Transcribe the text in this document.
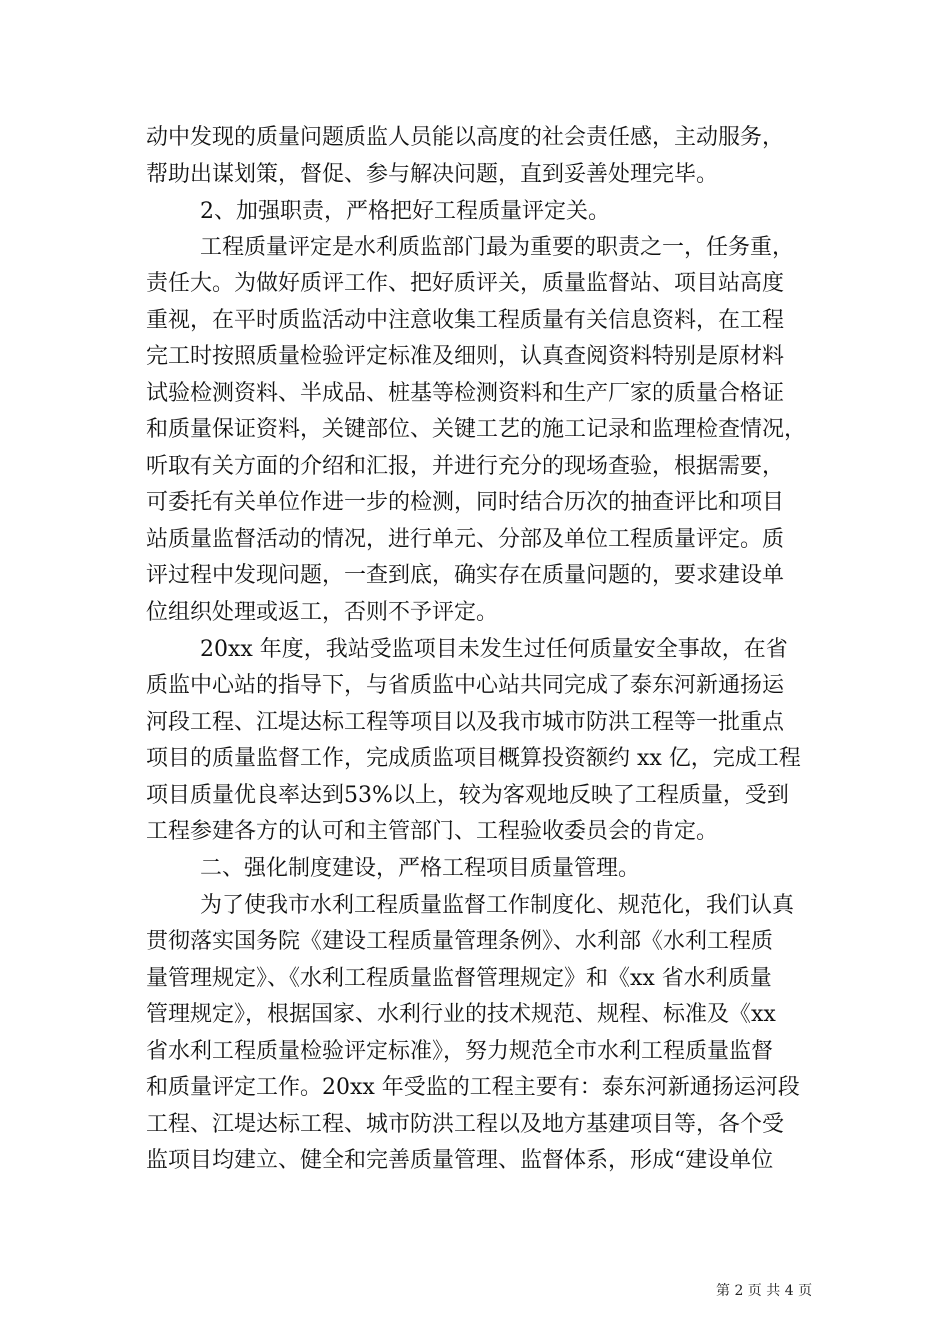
动中发现的质量问题质监人员能以高度的社会责任感，主动服务，
帮助出谋划策，督促、参与解决问题，直到妥善处理完毕。
2、加强职责，严格把好工程质量评定关。
工程质量评定是水利质监部门最为重要的职责之一，任务重，
责任大。为做好质评工作、把好质评关，质量监督站、项目站高度
重视，在平时质监活动中注意收集工程质量有关信息资料，在工程
完工时按照质量检验评定标准及细则，认真查阅资料特别是原材料
试验检测资料、半成品、桩基等检测资料和生产厂家的质量合格证
和质量保证资料，关键部位、关键工艺的施工记录和监理检查情况，
听取有关方面的介绍和汇报，并进行充分的现场查验，根据需要，
可委托有关单位作进一步的检测，同时结合历次的抽查评比和项目
站质量监督活动的情况，进行单元、分部及单位工程质量评定。质
评过程中发现问题，一查到底，确实存在质量问题的，要求建设单
位组织处理或返工，否则不予评定。
20xx 年度，我站受监项目未发生过任何质量安全事故，在省
质监中心站的指导下，与省质监中心站共同完成了泰东河新通扬运
河段工程、江堤达标工程等项目以及我市城市防洪工程等一批重点
项目的质量监督工作，完成质监项目概算投资额约 xx 亿，完成工程
项目质量优良率达到53%以上，较为客观地反映了工程质量，受到
工程参建各方的认可和主管部门、工程验收委员会的肯定。
二、强化制度建设，严格工程项目质量管理。
为了使我市水利工程质量监督工作制度化、规范化，我们认真
贯彻落实国务院《建设工程质量管理条例》、水利部《水利工程质
量管理规定》、《水利工程质量监督管理规定》和《xx 省水利质量
管理规定》，根据国家、水利行业的技术规范、规程、标准及《xx
省水利工程质量检验评定标准》，努力规范全市水利工程质量监督
和质量评定工作。20xx 年受监的工程主要有：泰东河新通扬运河段
工程、江堤达标工程、城市防洪工程以及地方基建项目等，各个受
监项目均建立、健全和完善质量管理、监督体系，形成“建设单位
第 2 页 共 4 页
